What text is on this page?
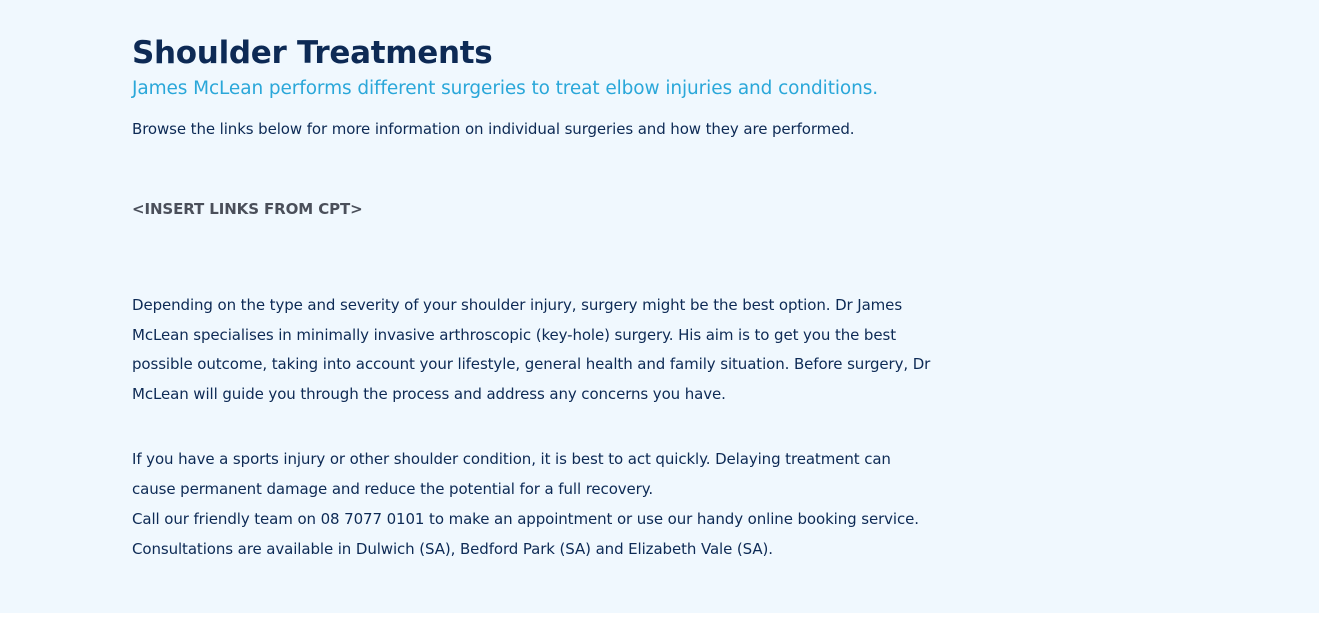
Shoulder Treatments
James McLean performs different surgeries to treat elbow injuries and conditions.

Browse the links below for more information on individual surgeries and how they are performed.

<INSERT LINKS FROM CPT>

Depending on the type and severity of your shoulder injury, surgery might be the best option. Dr James McLean specialises in minimally invasive arthroscopic (key-hole) surgery. His aim is to get you the best possible outcome, taking into account your lifestyle, general health and family situation. Before surgery, Dr McLean will guide you through the process and address any concerns you have.

If you have a sports injury or other shoulder condition, it is best to act quickly. Delaying treatment can cause permanent damage and reduce the potential for a full recovery.

Call our friendly team on 08 7077 0101 to make an appointment or use our handy online booking service. Consultations are available in Dulwich (SA), Bedford Park (SA) and Elizabeth Vale (SA).
